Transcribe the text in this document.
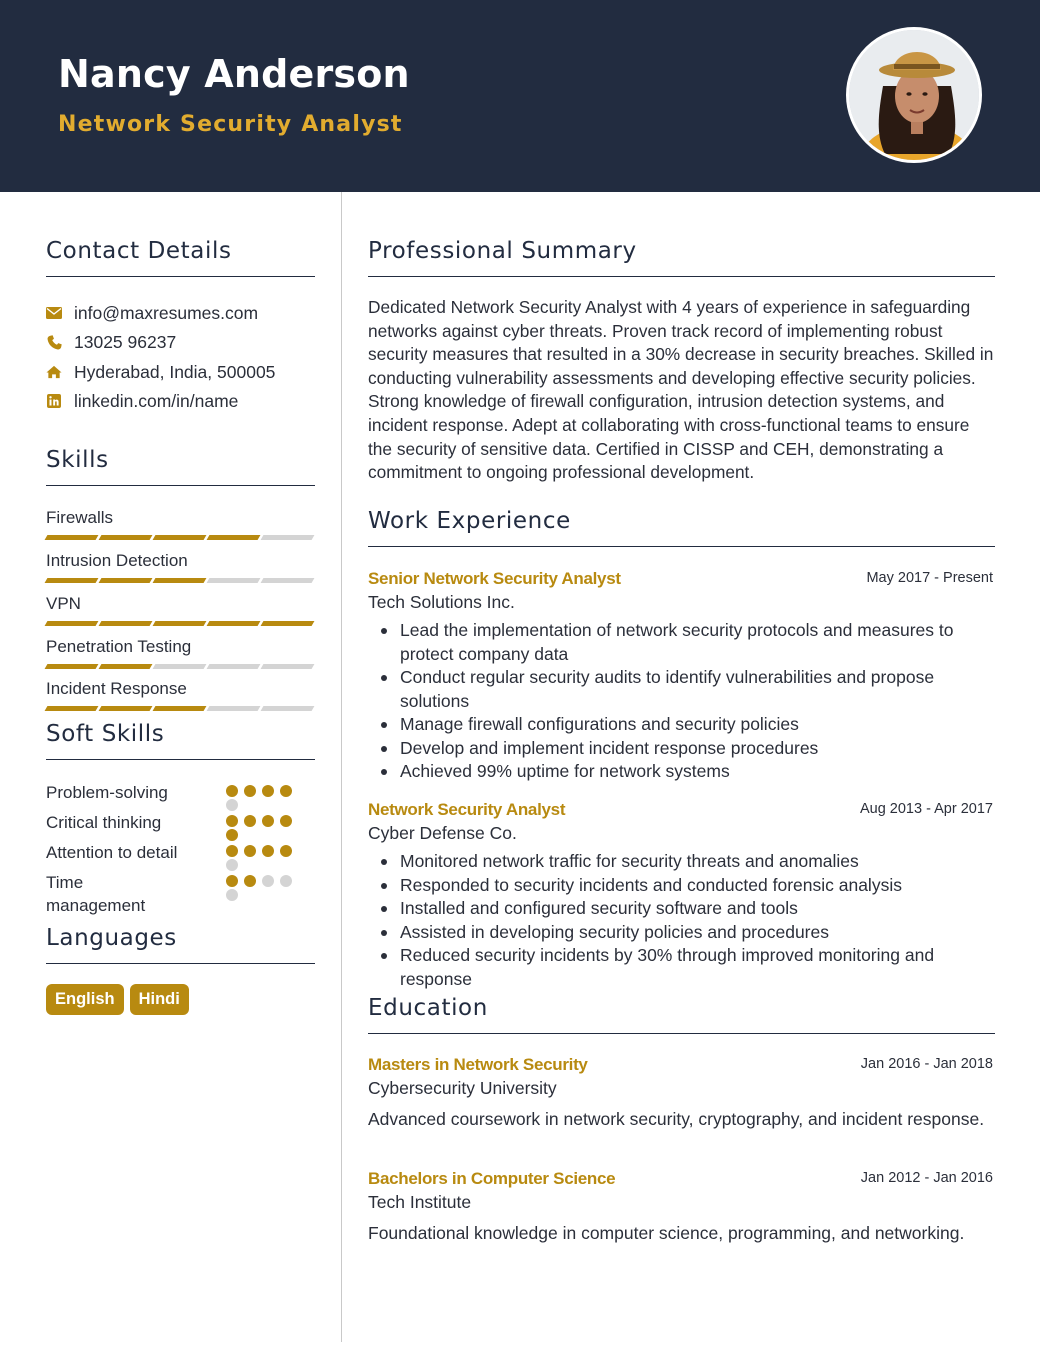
Nancy Anderson
Network Security Analyst
Contact Details
info@maxresumes.com
13025 96237
Hyderabad, India, 500005
linkedin.com/in/name
Skills
Firewalls
Intrusion Detection
VPN
Penetration Testing
Incident Response
Soft Skills
Problem-solving
Critical thinking
Attention to detail
Time management
Languages
English	Hindi
Professional Summary
Dedicated Network Security Analyst with 4 years of experience in safeguarding networks against cyber threats. Proven track record of implementing robust security measures that resulted in a 30% decrease in security breaches. Skilled in conducting vulnerability assessments and developing effective security policies. Strong knowledge of firewall configuration, intrusion detection systems, and incident response. Adept at collaborating with cross-functional teams to ensure the security of sensitive data. Certified in CISSP and CEH, demonstrating a commitment to ongoing professional development.
Work Experience
Senior Network Security Analyst	May 2017 - Present
Tech Solutions Inc.
Lead the implementation of network security protocols and measures to protect company data
Conduct regular security audits to identify vulnerabilities and propose solutions
Manage firewall configurations and security policies
Develop and implement incident response procedures
Achieved 99% uptime for network systems
Network Security Analyst	Aug 2013 - Apr 2017
Cyber Defense Co.
Monitored network traffic for security threats and anomalies
Responded to security incidents and conducted forensic analysis
Installed and configured security software and tools
Assisted in developing security policies and procedures
Reduced security incidents by 30% through improved monitoring and response
Education
Masters in Network Security	Jan 2016 - Jan 2018
Cybersecurity University
Advanced coursework in network security, cryptography, and incident response.
Bachelors in Computer Science	Jan 2012 - Jan 2016
Tech Institute
Foundational knowledge in computer science, programming, and networking.
